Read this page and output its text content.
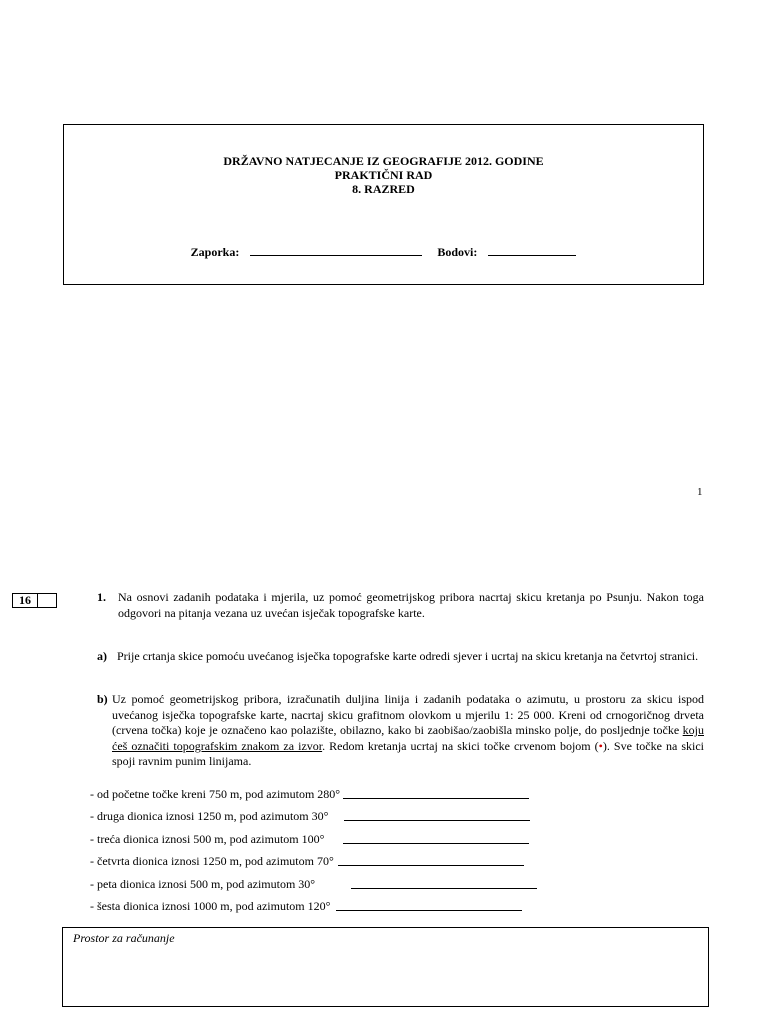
DRŽAVNO NATJECANJE IZ GEOGRAFIJE 2012. GODINE
PRAKTIČNI RAD
8. RAZRED
Zaporka:	Bodovi:
1
16	1. Na osnovi zadanih podataka i mjerila, uz pomoć geometrijskog pribora nacrtaj skicu kretanja po Psunju. Nakon toga odgovori na pitanja vezana uz uvećan isječak topografske karte.
a) Prije crtanja skice pomoću uvećanog isječka topografske karte odredi sjever i ucrtaj na skicu kretanja na četvrtoj stranici.
b) Uz pomoć geometrijskog pribora, izračunatih duljina linija i zadanih podataka o azimutu, u prostoru za skicu ispod uvećanog isječka topografske karte, nacrtaj skicu grafitnom olovkom u mjerilu 1: 25 000. Kreni od crnogoričnog drveta (crvena točka) koje je označeno kao polazište, obilazno, kako bi zaobišao/zaobišla minsko polje, do posljednje točke koju ćeš označiti topografskim znakom za izvor. Redom kretanja ucrtaj na skici točke crvenom bojom (•). Sve točke na skici spoji ravnim punim linijama.
- od početne točke kreni 750 m, pod azimutom 280°
- druga dionica iznosi 1250 m, pod azimutom 30°
- treća dionica iznosi 500 m, pod azimutom 100°
- četvrta dionica iznosi 1250 m, pod azimutom 70°
- peta dionica iznosi 500 m, pod azimutom 30°
- šesta dionica iznosi 1000 m, pod azimutom 120°
Prostor za računanje
